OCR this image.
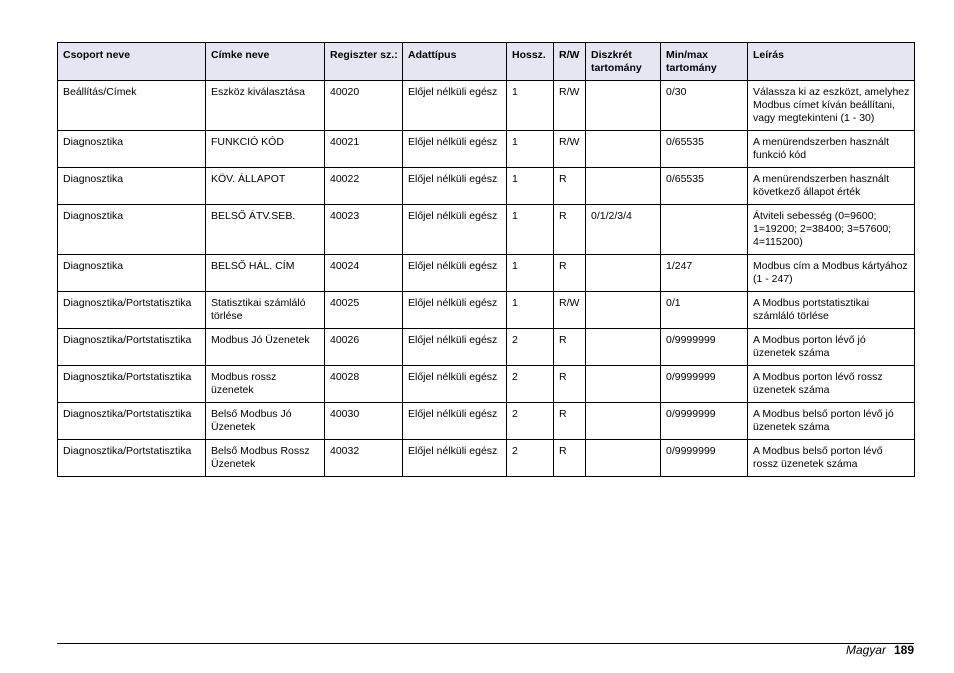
Csoport neve	Címke neve	Regiszter sz.:	Adattípus	Hossz.	R/W	Diszkrét tartomány	Min/max tartomány	Leírás
Beállítás/Címek	Eszköz kiválasztása	40020	Előjel nélküli egész	1	R/W		0/30	Válassza ki az eszközt, amelyhez Modbus címet kíván beállítani, vagy megtekinteni (1 - 30)
Diagnosztika	FUNKCIÓ KÓD	40021	Előjel nélküli egész	1	R/W		0/65535	A menürendszerben használt funkció kód
Diagnosztika	KÖV. ÁLLAPOT	40022	Előjel nélküli egész	1	R		0/65535	A menürendszerben használt következő állapot érték
Diagnosztika	BELSŐ ÁTV.SEB.	40023	Előjel nélküli egész	1	R	0/1/2/3/4		Átviteli sebesség (0=9600; 1=19200; 2=38400; 3=57600; 4=115200)
Diagnosztika	BELSŐ HÁL. CÍM	40024	Előjel nélküli egész	1	R		1/247	Modbus cím a Modbus kártyához (1 - 247)
Diagnosztika/Portstatisztika	Statisztikai számláló törlése	40025	Előjel nélküli egész	1	R/W		0/1	A Modbus portstatisztikai számláló törlése
Diagnosztika/Portstatisztika	Modbus Jó Üzenetek	40026	Előjel nélküli egész	2	R		0/9999999	A Modbus porton lévő jó üzenetek száma
Diagnosztika/Portstatisztika	Modbus rossz üzenetek	40028	Előjel nélküli egész	2	R		0/9999999	A Modbus porton lévő rossz üzenetek száma
Diagnosztika/Portstatisztika	Belső Modbus Jó Üzenetek	40030	Előjel nélküli egész	2	R		0/9999999	A Modbus belső porton lévő jó üzenetek száma
Diagnosztika/Portstatisztika	Belső Modbus Rossz Üzenetek	40032	Előjel nélküli egész	2	R		0/9999999	A Modbus belső porton lévő rossz üzenetek száma
Magyar 189
